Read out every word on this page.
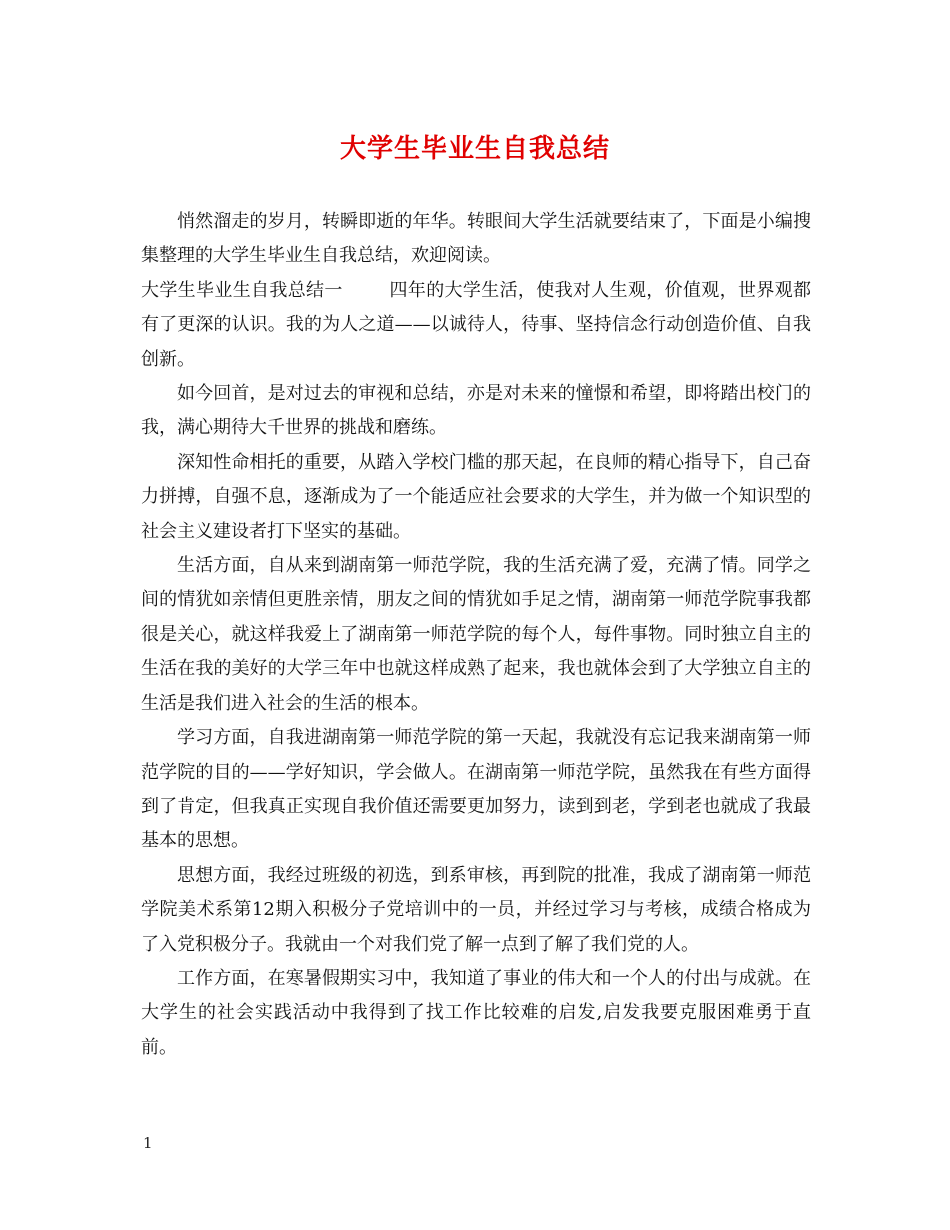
大学生毕业生自我总结

悄然溜走的岁月，转瞬即逝的年华。转眼间大学生活就要结束了，下面是小编搜集整理的大学生毕业生自我总结，欢迎阅读。

大学生毕业生自我总结一	四年的大学生活，使我对人生观，价值观，世界观都有了更深的认识。我的为人之道——以诚待人，待事、坚持信念行动创造价值、自我创新。

如今回首，是对过去的审视和总结，亦是对未来的憧憬和希望，即将踏出校门的我，满心期待大千世界的挑战和磨练。

深知性命相托的重要，从踏入学校门槛的那天起，在良师的精心指导下，自己奋力拼搏，自强不息，逐渐成为了一个能适应社会要求的大学生，并为做一个知识型的社会主义建设者打下坚实的基础。

生活方面，自从来到湖南第一师范学院，我的生活充满了爱，充满了情。同学之间的情犹如亲情但更胜亲情，朋友之间的情犹如手足之情，湖南第一师范学院事我都很是关心，就这样我爱上了湖南第一师范学院的每个人，每件事物。同时独立自主的生活在我的美好的大学三年中也就这样成熟了起来，我也就体会到了大学独立自主的生活是我们进入社会的生活的根本。

学习方面，自我进湖南第一师范学院的第一天起，我就没有忘记我来湖南第一师范学院的目的——学好知识，学会做人。在湖南第一师范学院，虽然我在有些方面得到了肯定，但我真正实现自我价值还需要更加努力，读到到老，学到老也就成了我最基本的思想。

思想方面，我经过班级的初选，到系审核，再到院的批准，我成了湖南第一师范学院美术系第12期入积极分子党培训中的一员，并经过学习与考核，成绩合格成为了入党积极分子。我就由一个对我们党了解一点到了解了我们党的人。

工作方面，在寒暑假期实习中，我知道了事业的伟大和一个人的付出与成就。在大学生的社会实践活动中我得到了找工作比较难的启发,启发我要克服困难勇于直前。

1
